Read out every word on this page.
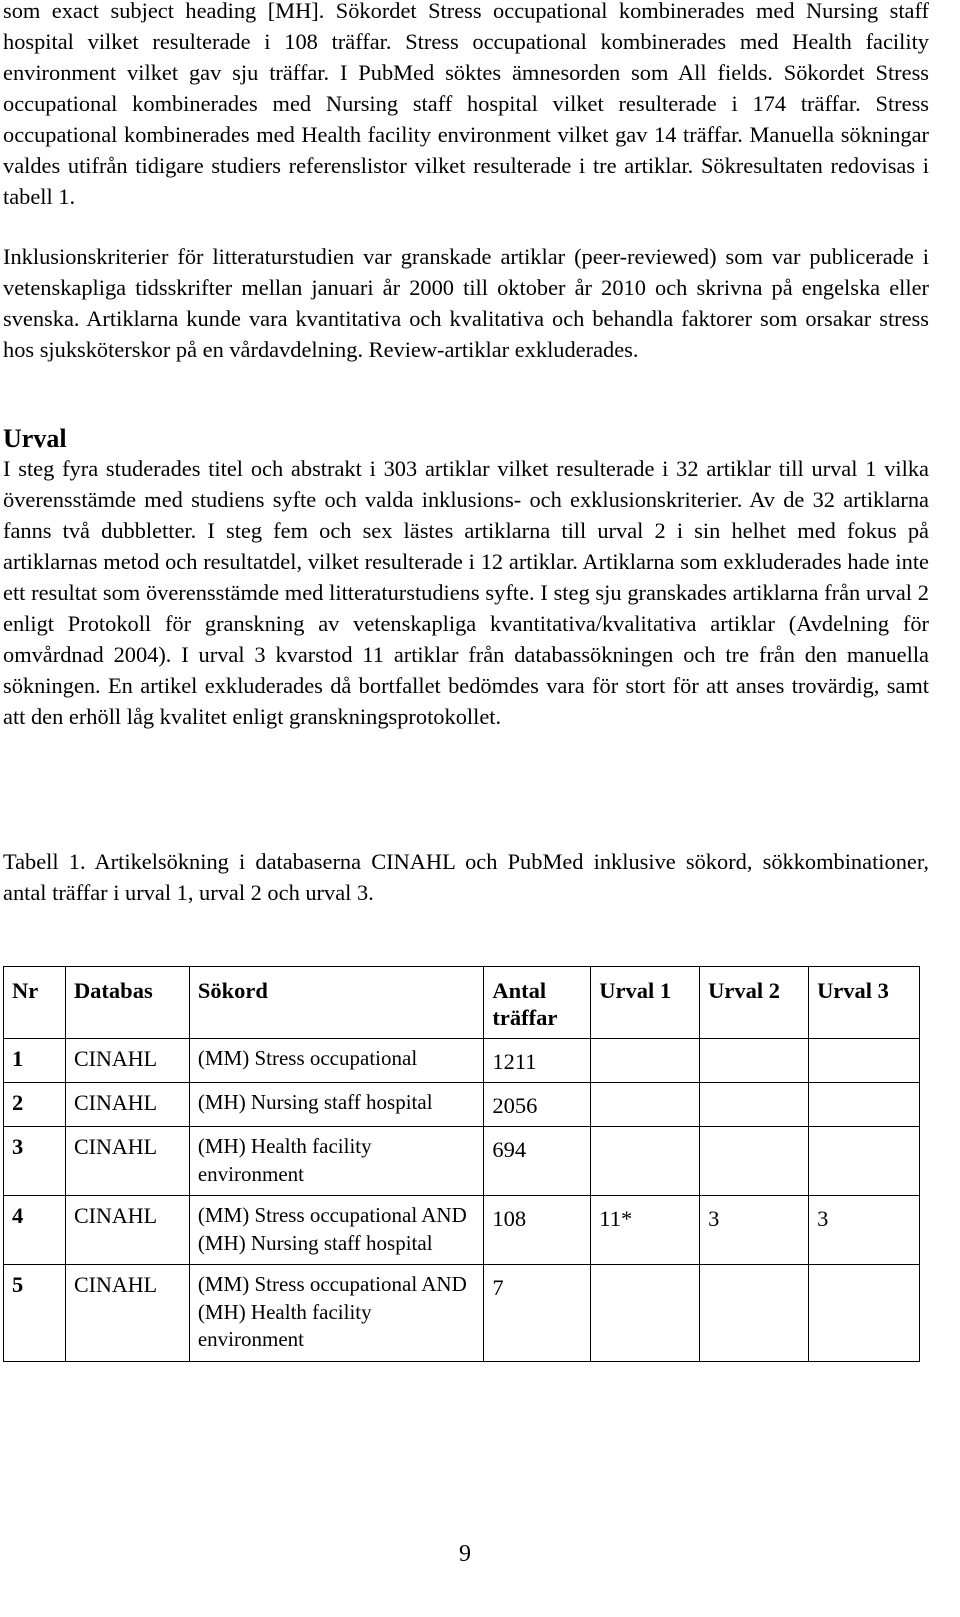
som exact subject heading [MH]. Sökordet Stress occupational kombinerades med Nursing staff hospital vilket resulterade i 108 träffar. Stress occupational kombinerades med Health facility environment vilket gav sju träffar. I PubMed söktes ämnesorden som All fields. Sökordet Stress occupational kombinerades med Nursing staff hospital vilket resulterade i 174 träffar. Stress occupational kombinerades med Health facility environment vilket gav 14 träffar. Manuella sökningar valdes utifrån tidigare studiers referenslistor vilket resulterade i tre artiklar. Sökresultaten redovisas i tabell 1.

Inklusionskriterier för litteraturstudien var granskade artiklar (peer-reviewed) som var publicerade i vetenskapliga tidsskrifter mellan januari år 2000 till oktober år 2010 och skrivna på engelska eller svenska. Artiklarna kunde vara kvantitativa och kvalitativa och behandla faktorer som orsakar stress hos sjuksköterskor på en vårdavdelning. Review-artiklar exkluderades.

Urval

I steg fyra studerades titel och abstrakt i 303 artiklar vilket resulterade i 32 artiklar till urval 1 vilka överensstämde med studiens syfte och valda inklusions- och exklusionskriterier. Av de 32 artiklarna fanns två dubbletter. I steg fem och sex lästes artiklarna till urval 2 i sin helhet med fokus på artiklarnas metod och resultatdel, vilket resulterade i 12 artiklar. Artiklarna som exkluderades hade inte ett resultat som överensstämde med litteraturstudiens syfte. I steg sju granskades artiklarna från urval 2 enligt Protokoll för granskning av vetenskapliga kvantitativa/kvalitativa artiklar (Avdelning för omvårdnad 2004). I urval 3 kvarstod 11 artiklar från databassökningen och tre från den manuella sökningen. En artikel exkluderades då bortfallet bedömdes vara för stort för att anses trovärdig, samt att den erhöll låg kvalitet enligt granskningsprotokollet.

Tabell 1. Artikelsökning i databaserna CINAHL och PubMed inklusive sökord, sökkombinationer, antal träffar i urval 1, urval 2 och urval 3.

Nr	Databas	Sökord	Antal träffar	Urval 1	Urval 2	Urval 3
1	CINAHL	(MM) Stress occupational	1211			
2	CINAHL	(MH) Nursing staff hospital	2056			
3	CINAHL	(MH) Health facility environment	694			
4	CINAHL	(MM) Stress occupational AND (MH) Nursing staff hospital	108	11*	3	3
5	CINAHL	(MM) Stress occupational AND (MH) Health facility environment	7			
9
